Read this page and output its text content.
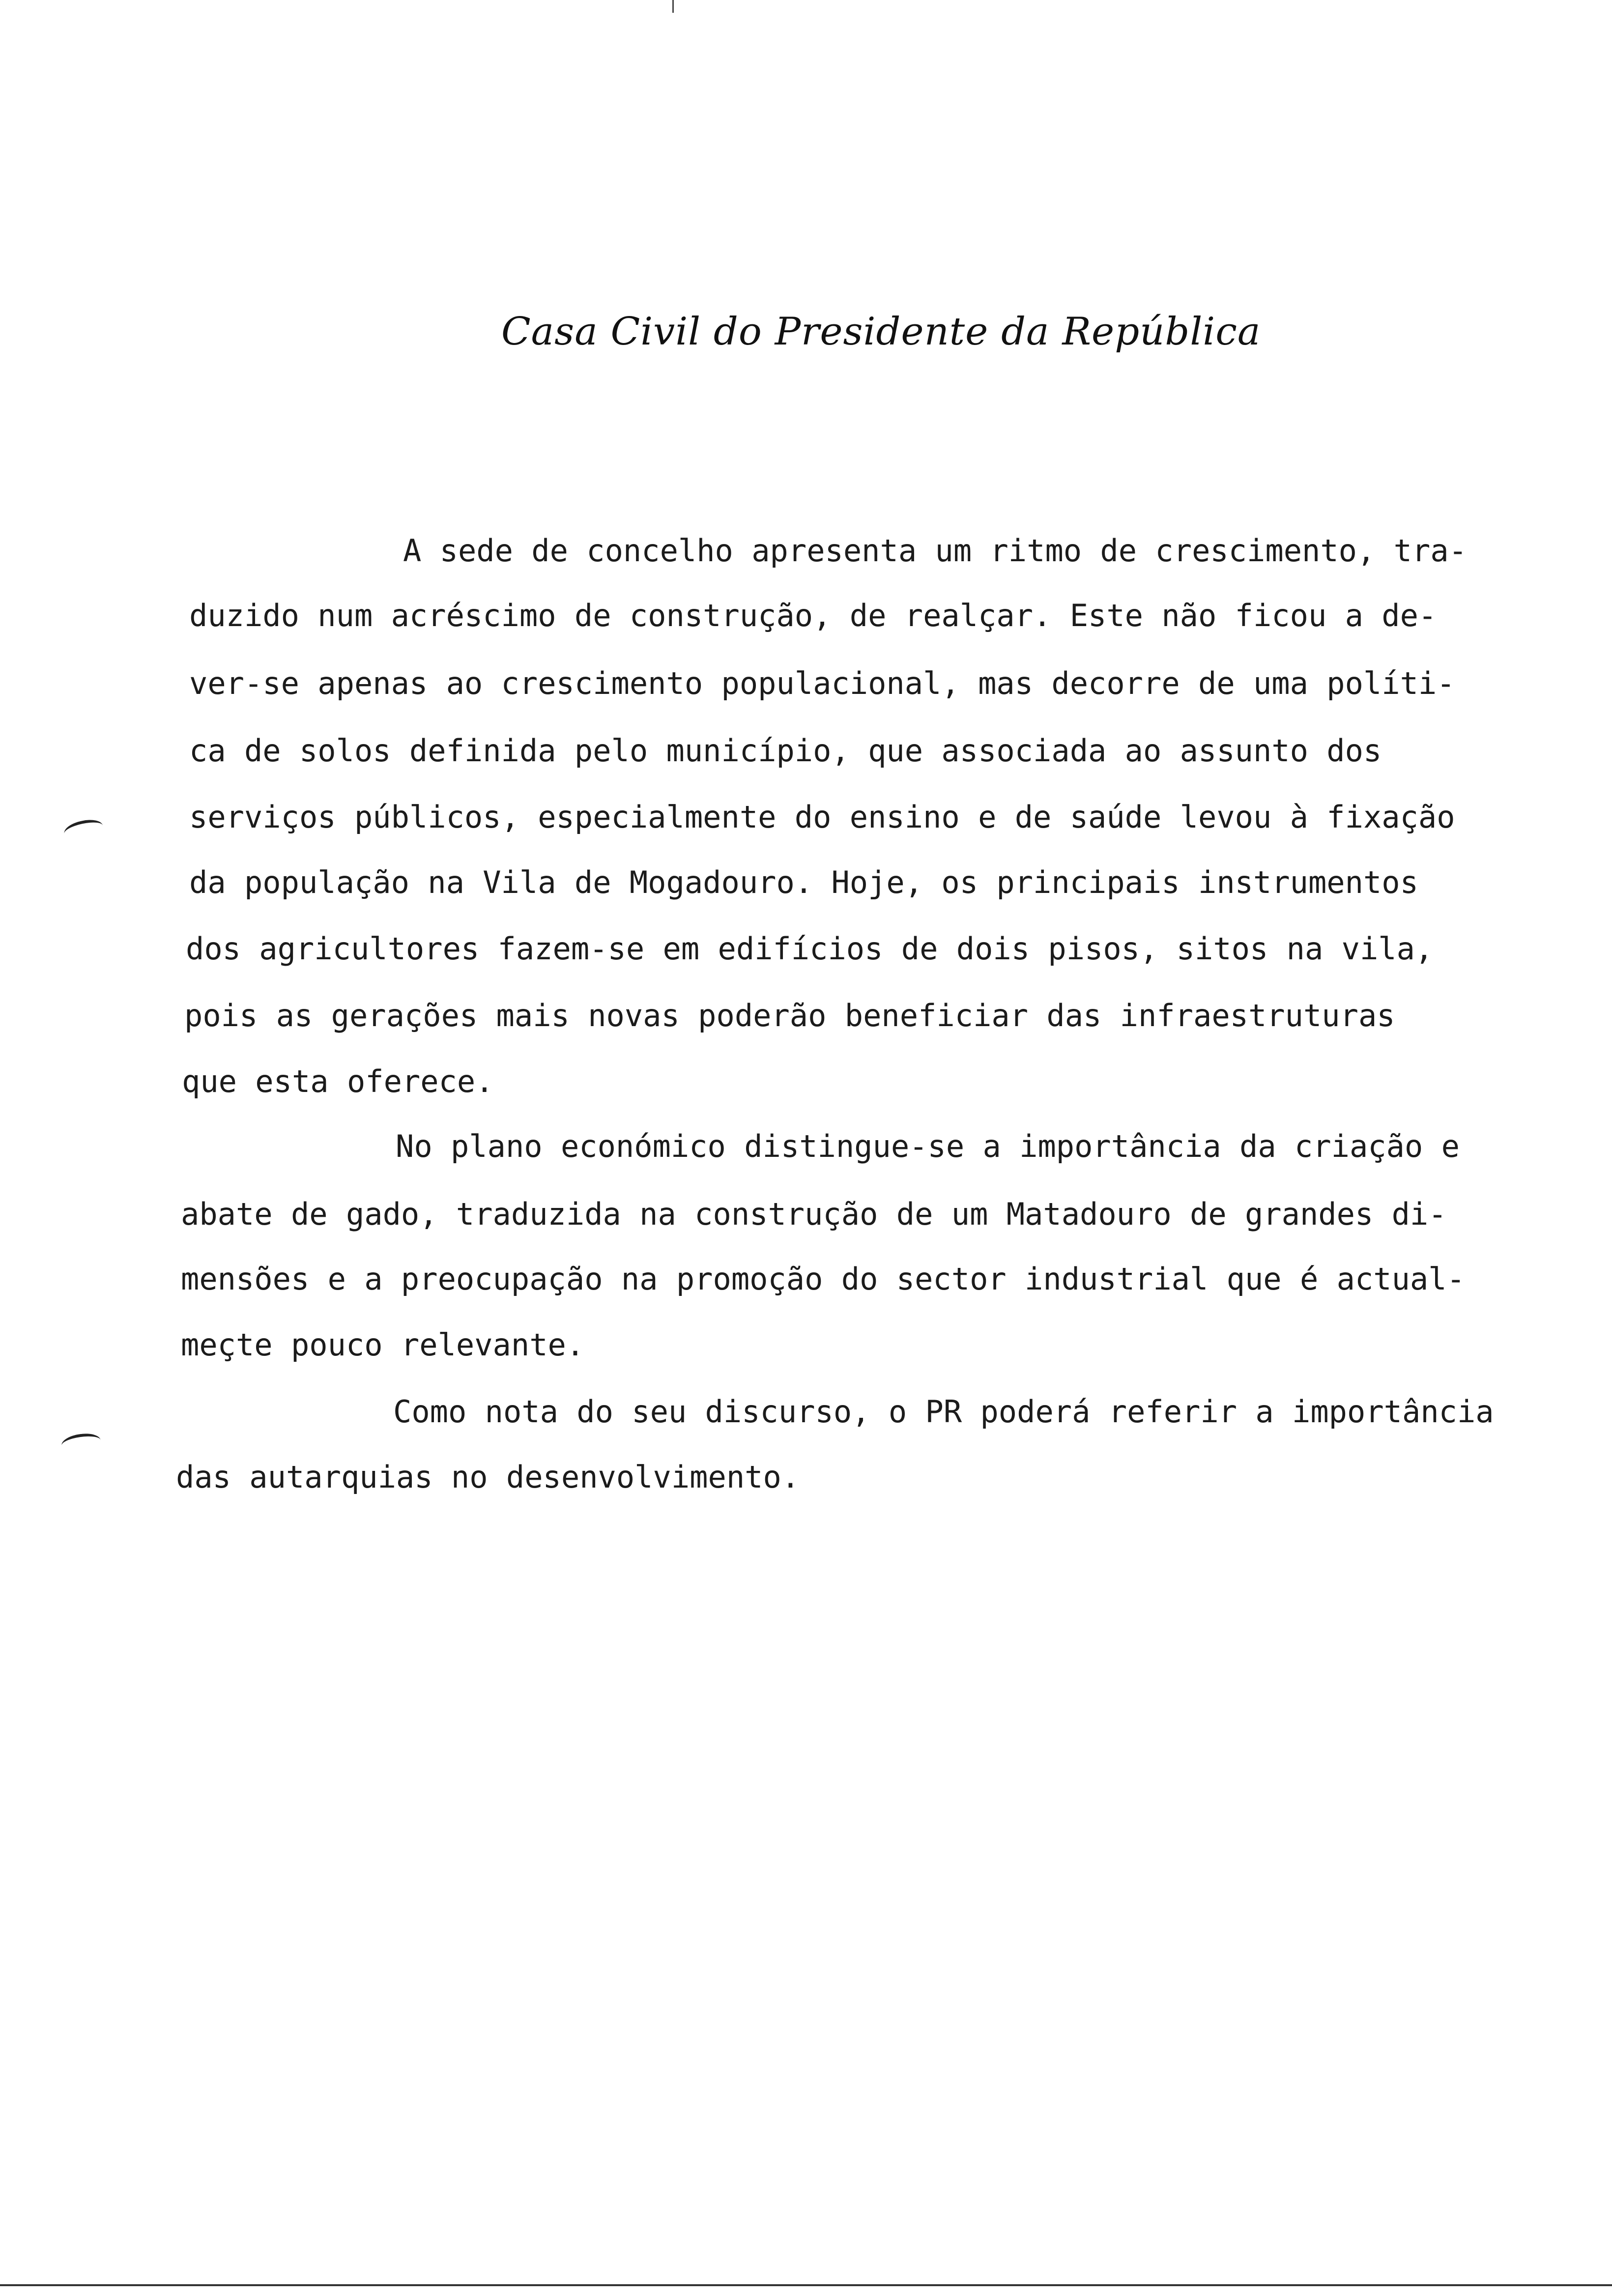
Casa Civil do Presidente da República
A sede de concelho apresenta um ritmo de crescimento, tra-
duzido num acréscimo de construção, de realçar. Este não ficou a de-
ver-se apenas ao crescimento populacional, mas decorre de uma políti-
ca de solos definida pelo município, que associada ao assunto dos
serviços públicos, especialmente do ensino e de saúde levou à fixação
da população na Vila de Mogadouro. Hoje, os principais instrumentos
dos agricultores fazem-se em edifícios de dois pisos, sitos na vila,
pois as gerações mais novas poderão beneficiar das infraestruturas
que esta oferece.
No plano económico distingue-se a importância da criação e
abate de gado, traduzida na construção de um Matadouro de grandes di-
mensões e a preocupação na promoção do sector industrial que é actual-
meçte pouco relevante.
Como nota do seu discurso, o PR poderá referir a importância
das autarquias no desenvolvimento.
